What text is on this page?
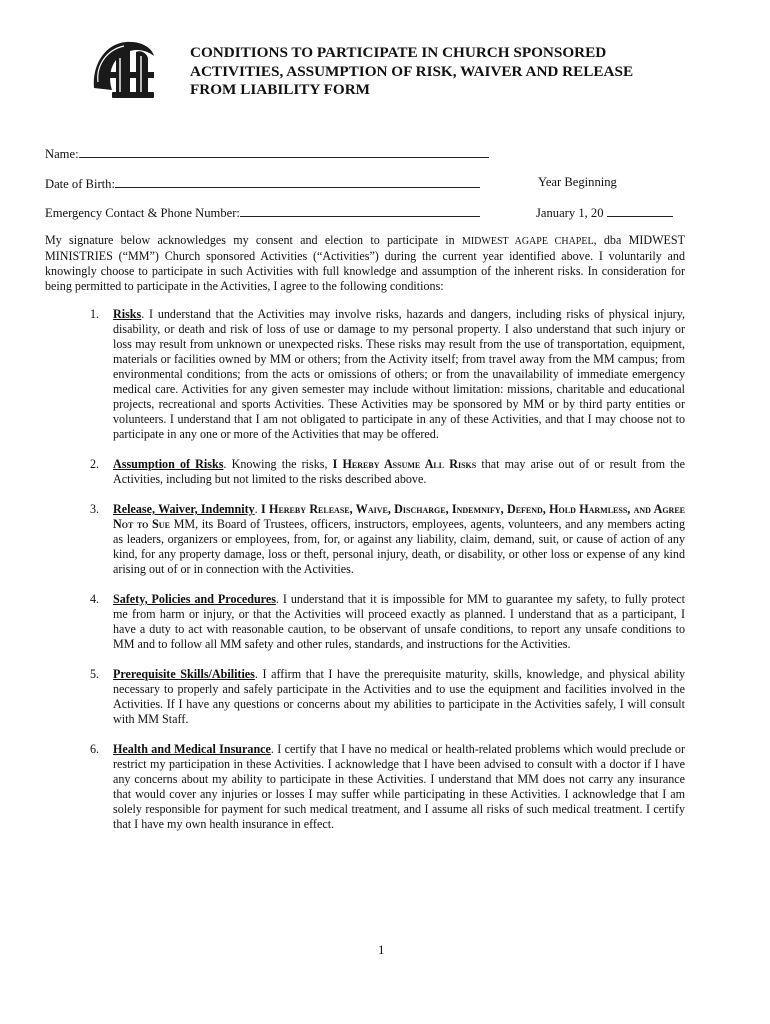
CONDITIONS TO PARTICIPATE IN CHURCH SPONSORED
ACTIVITIES, ASSUMPTION OF RISK, WAIVER AND RELEASE
FROM LIABILITY FORM
Name:
Date of Birth:	Year Beginning
Emergency Contact & Phone Number:	January 1, 20
My signature below acknowledges my consent and election to participate in MIDWEST AGAPE CHAPEL, dba MIDWEST MINISTRIES (“MM”) Church sponsored Activities (“Activities”) during the current year identified above. I voluntarily and knowingly choose to participate in such Activities with full knowledge and assumption of the inherent risks. In consideration for being permitted to participate in the Activities, I agree to the following conditions:
1. Risks. I understand that the Activities may involve risks, hazards and dangers, including risks of physical injury, disability, or death and risk of loss of use or damage to my personal property. I also understand that such injury or loss may result from unknown or unexpected risks. These risks may result from the use of transportation, equipment, materials or facilities owned by MM or others; from the Activity itself; from travel away from the MM campus; from environmental conditions; from the acts or omissions of others; or from the unavailability of immediate emergency medical care. Activities for any given semester may include without limitation: missions, charitable and educational projects, recreational and sports Activities. These Activities may be sponsored by MM or by third party entities or volunteers. I understand that I am not obligated to participate in any of these Activities, and that I may choose not to participate in any one or more of the Activities that may be offered.
2. Assumption of Risks. Knowing the risks, I Hereby Assume All Risks that may arise out of or result from the Activities, including but not limited to the risks described above.
3. Release, Waiver, Indemnity. I Hereby Release, Waive, Discharge, Indemnify, Defend, Hold Harmless, and Agree Not to Sue MM, its Board of Trustees, officers, instructors, employees, agents, volunteers, and any members acting as leaders, organizers or employees, from, for, or against any liability, claim, demand, suit, or cause of action of any kind, for any property damage, loss or theft, personal injury, death, or disability, or other loss or expense of any kind arising out of or in connection with the Activities.
4. Safety, Policies and Procedures. I understand that it is impossible for MM to guarantee my safety, to fully protect me from harm or injury, or that the Activities will proceed exactly as planned. I understand that as a participant, I have a duty to act with reasonable caution, to be observant of unsafe conditions, to report any unsafe conditions to MM and to follow all MM safety and other rules, standards, and instructions for the Activities.
5. Prerequisite Skills/Abilities. I affirm that I have the prerequisite maturity, skills, knowledge, and physical ability necessary to properly and safely participate in the Activities and to use the equipment and facilities involved in the Activities. If I have any questions or concerns about my abilities to participate in the Activities safely, I will consult with MM Staff.
6. Health and Medical Insurance. I certify that I have no medical or health-related problems which would preclude or restrict my participation in these Activities. I acknowledge that I have been advised to consult with a doctor if I have any concerns about my ability to participate in these Activities. I understand that MM does not carry any insurance that would cover any injuries or losses I may suffer while participating in these Activities. I acknowledge that I am solely responsible for payment for such medical treatment, and I assume all risks of such medical treatment. I certify that I have my own health insurance in effect.
1
